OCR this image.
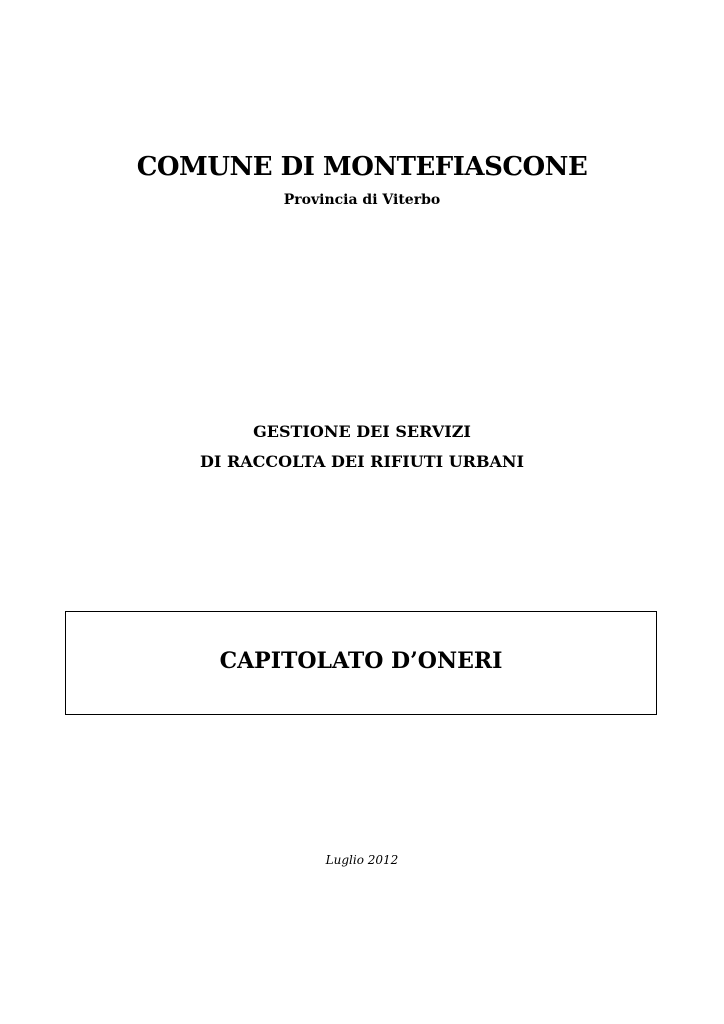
COMUNE DI MONTEFIASCONE
Provincia di Viterbo
GESTIONE DEI SERVIZI
DI RACCOLTA DEI RIFIUTI URBANI
CAPITOLATO D’ONERI
Luglio 2012
